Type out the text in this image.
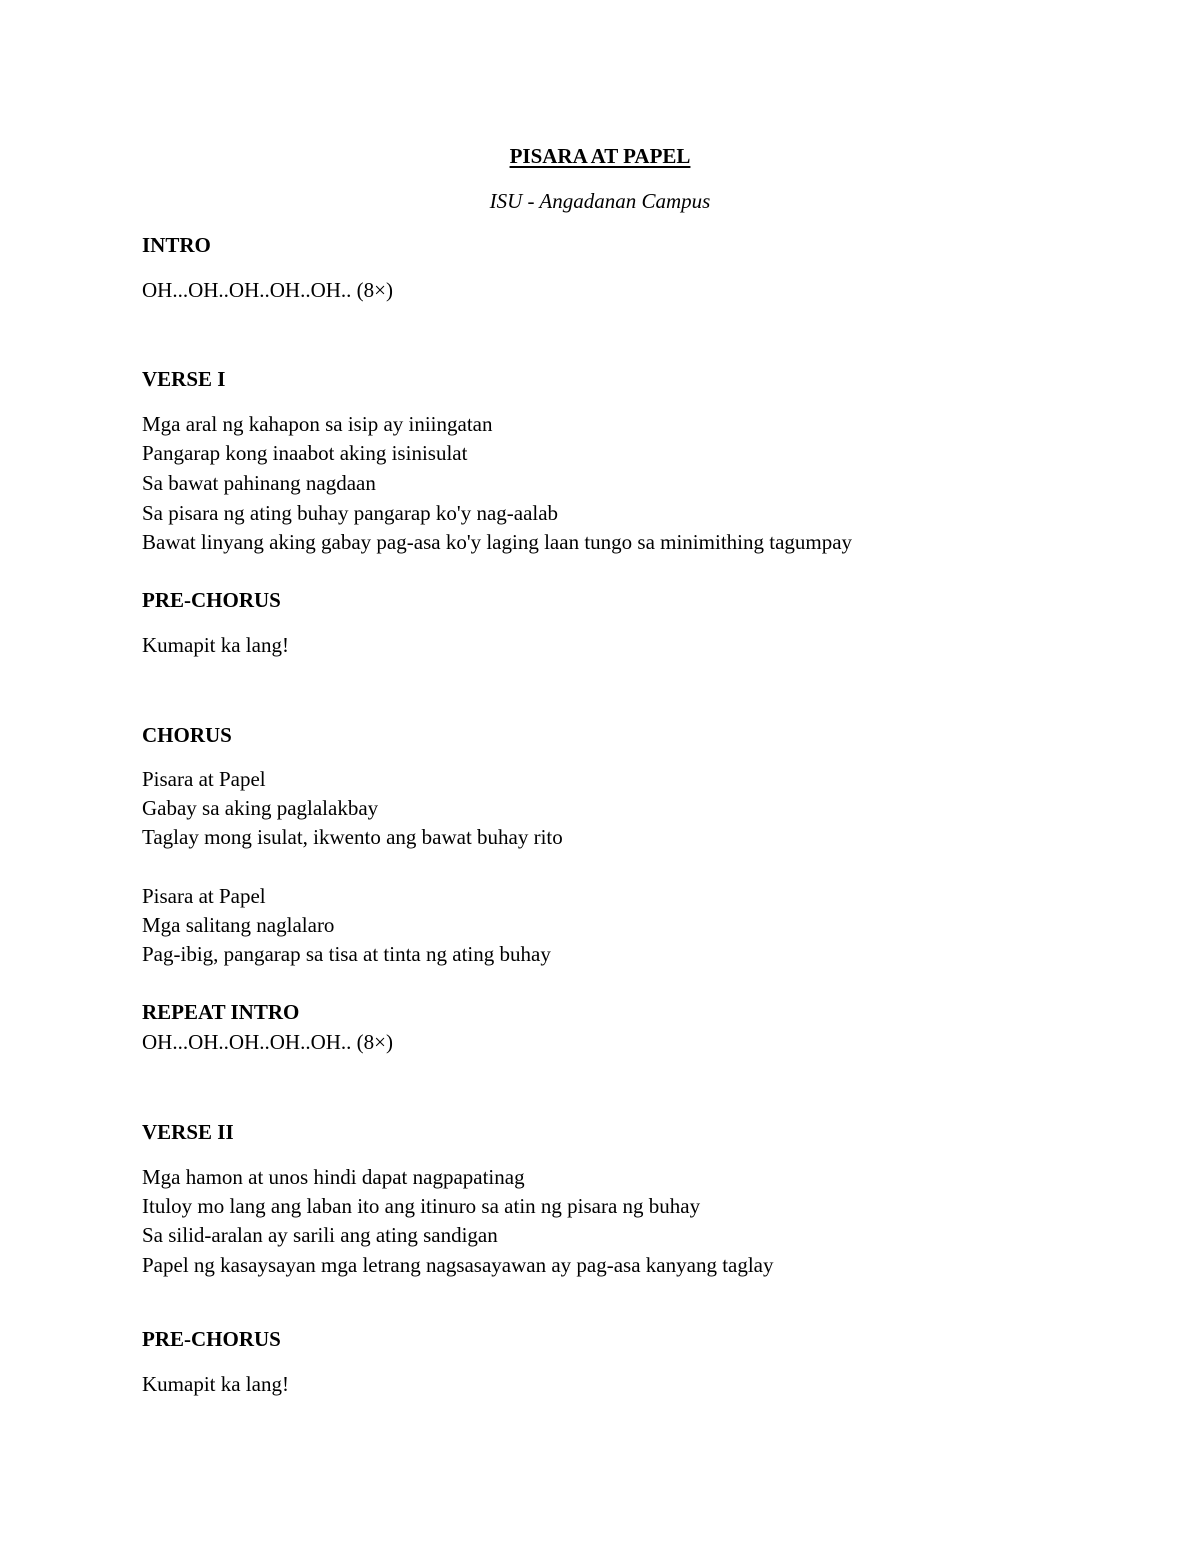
PISARA AT PAPEL

ISU - Angadanan Campus

INTRO

OH...OH..OH..OH..OH.. (8×)

VERSE I

Mga aral ng kahapon sa isip ay iniingatan

Pangarap kong inaabot aking isinisulat

Sa bawat pahinang nagdaan

Sa pisara ng ating buhay pangarap ko'y nag-aalab

Bawat linyang aking gabay pag-asa ko'y laging laan tungo sa minimithing tagumpay

PRE-CHORUS

Kumapit ka lang!

CHORUS

Pisara at Papel

Gabay sa aking paglalakbay

Taglay mong isulat, ikwento ang bawat buhay rito

Pisara at Papel

Mga salitang naglalaro

Pag-ibig, pangarap sa tisa at tinta ng ating buhay

REPEAT INTRO

OH...OH..OH..OH..OH.. (8×)

VERSE II

Mga hamon at unos hindi dapat nagpapatinag

Ituloy mo lang ang laban ito ang itinuro sa atin ng pisara ng buhay

Sa silid-aralan ay sarili ang ating sandigan

Papel ng kasaysayan mga letrang nagsasayawan ay pag-asa kanyang taglay

PRE-CHORUS

Kumapit ka lang!
